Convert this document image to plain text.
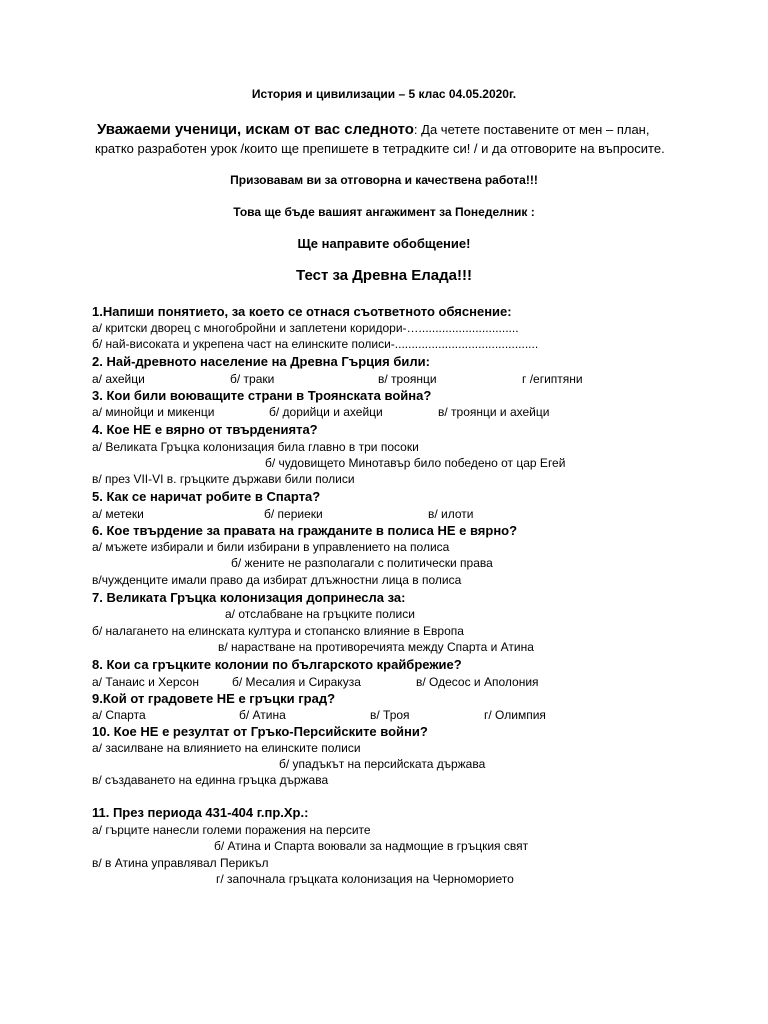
История и цивилизации – 5 клас 04.05.2020г.
Уважаеми ученици, искам от вас следното: Да четете поставените от мен – план,
кратко разработен урок /които ще препишете в тетрадките си! / и да отговорите на въпросите.
Призовавам ви за отговорна и качествена работа!!!
Това ще бъде вашият ангажимент за Понеделник :
Ще направите обобщение!
Тест за Древна Елада!!!
1.Напиши понятието, за което се отнася съответното обяснение:
а/ критски дворец с многобройни и заплетени коридори-…..............................
б/ най-високата и укрепена част на елинските полиси-...........................................
2. Най-древното население на Древна Гърция били:
а/ ахейци	б/ траки	в/ троянци	г /египтяни
3. Кои били воюващите страни в Троянската война?
а/ минойци и микенци	б/ дорийци и ахейци	в/ троянци и ахейци
4. Кое НЕ е вярно от твърденията?
а/ Великата Гръцка колонизация била главно в три посоки
б/ чудовището Минотавър било победено от цар Егей
в/ през VII-VI в. гръцките държави били полиси
5. Как се наричат робите в Спарта?
а/ метеки	б/ периеки	в/ илоти
6. Кое твърдение за правата на гражданите в полиса НЕ е вярно?
а/ мъжете избирали и били избирани в управлението на полиса
б/ жените не разполагали с политически права
в/чужденците имали право да избират длъжностни лица в полиса
7. Великата Гръцка колонизация допринесла за:
а/ отслабване на гръцките полиси
б/ налагането на елинската култура и стопанско влияние в Европа
в/ нарастване на противоречията между Спарта и Атина
8. Кои са гръцките колонии по българското крайбрежие?
а/ Танаис и Херсон	б/ Месалия и Сиракуза	в/ Одесос и Аполония
9.Кой от градовете НЕ е гръцки град?
а/ Спарта	б/ Атина	в/ Троя	г/ Олимпия
10. Кое НЕ е резултат от Гръко-Персийските войни?
а/ засилване на влиянието на елинските полиси
б/ упадъкът на персийската държава
в/ създаването на единна гръцка държава
11. През периода 431-404 г.пр.Хр.:
а/ гърците нанесли големи поражения на персите
б/ Атина и Спарта воювали за надмощие в гръцкия свят
в/ в Атина управлявал Перикъл
г/ започнала гръцката колонизация на Черноморието
